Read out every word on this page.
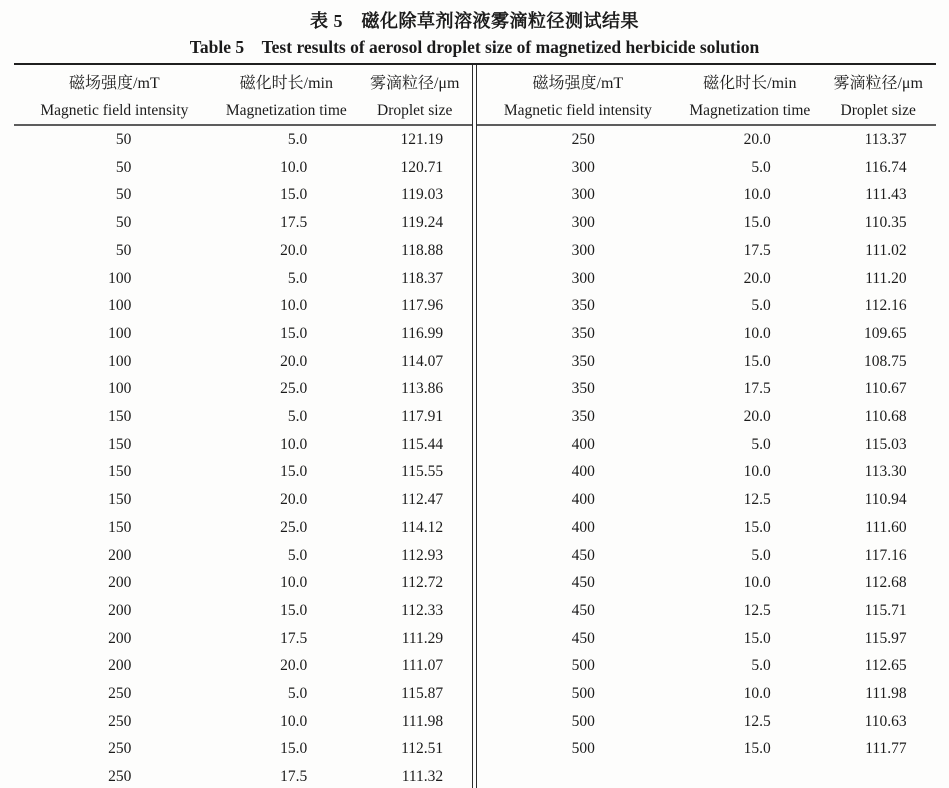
表 5　磁化除草剂溶液雾滴粒径测试结果
Table 5　Test results of aerosol droplet size of magnetized herbicide solution
磁场强度/mT
Magnetic field intensity

磁化时长/min
Magnetization time

雾滴粒径/μm
Droplet size

50	5.0	121.19
50	10.0	120.71
50	15.0	119.03
50	17.5	119.24
50	20.0	118.88
100	5.0	118.37
100	10.0	117.96
100	15.0	116.99
100	20.0	114.07
100	25.0	113.86
150	5.0	117.91
150	10.0	115.44
150	15.0	115.55
150	20.0	112.47
150	25.0	114.12
200	5.0	112.93
200	10.0	112.72
200	15.0	112.33
200	17.5	111.29
200	20.0	111.07
250	5.0	115.87
250	10.0	111.98
250	15.0	112.51
250	17.5	111.32
磁场强度/mT
Magnetic field intensity

磁化时长/min
Magnetization time

雾滴粒径/μm
Droplet size

250	20.0	113.37
300	5.0	116.74
300	10.0	111.43
300	15.0	110.35
300	17.5	111.02
300	20.0	111.20
350	5.0	112.16
350	10.0	109.65
350	15.0	108.75
350	17.5	110.67
350	20.0	110.68
400	5.0	115.03
400	10.0	113.30
400	12.5	110.94
400	15.0	111.60
450	5.0	117.16
450	10.0	112.68
450	12.5	115.71
450	15.0	115.97
500	5.0	112.65
500	10.0	111.98
500	12.5	110.63
500	15.0	111.77
